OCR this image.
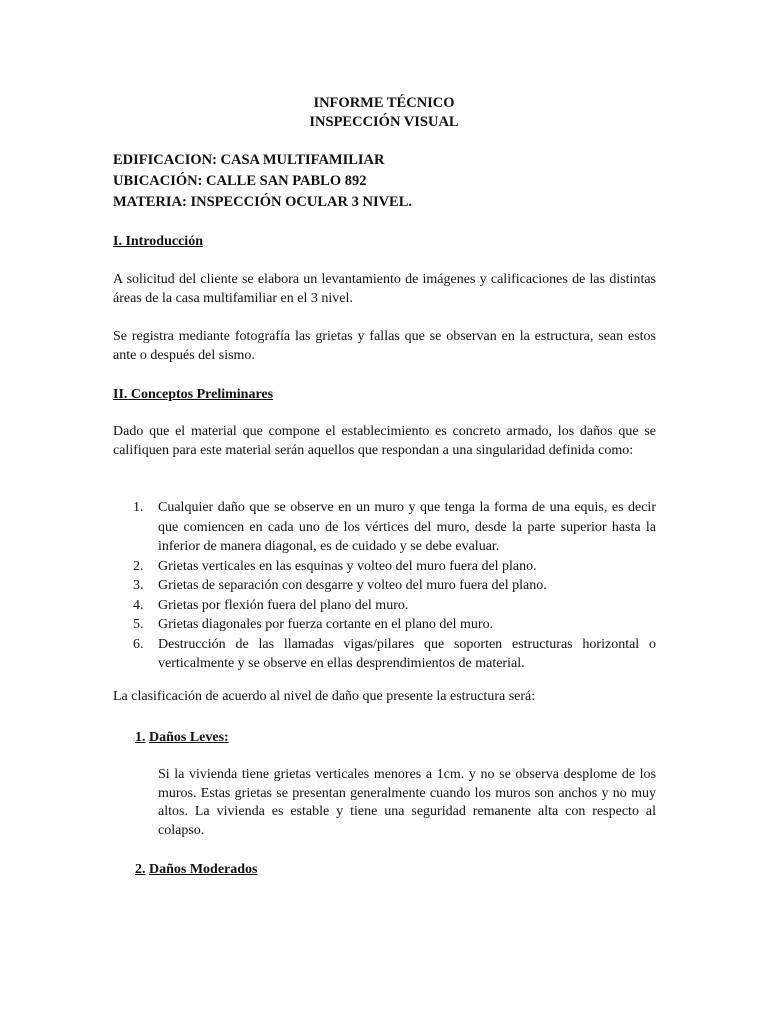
INFORME TÉCNICO
INSPECCIÓN VISUAL
EDIFICACION: CASA MULTIFAMILIAR
UBICACIÓN: CALLE SAN PABLO 892
MATERIA: INSPECCIÓN OCULAR 3 NIVEL.
I. Introducción
A solicitud del cliente se elabora un levantamiento de imágenes y calificaciones de las distintas áreas de la casa multifamiliar en el 3 nivel.
Se registra mediante fotografía las grietas y fallas que se observan en la estructura, sean estos ante o después del sismo.
II. Conceptos Preliminares
Dado que el material que compone el establecimiento es concreto armado, los daños que se califiquen para este material serán aquellos que respondan a una singularidad definida como:
1. Cualquier daño que se observe en un muro y que tenga la forma de una equis, es decir que comiencen en cada uno de los vértices del muro, desde la parte superior hasta la inferior de manera diagonal, es de cuidado y se debe evaluar.
2. Grietas verticales en las esquinas y volteo del muro fuera del plano.
3. Grietas de separación con desgarre y volteo del muro fuera del plano.
4. Grietas por flexión fuera del plano del muro.
5. Grietas diagonales por fuerza cortante en el plano del muro.
6. Destrucción de las llamadas vigas/pilares que soporten estructuras horizontal o verticalmente y se observe en ellas desprendimientos de material.
La clasificación de acuerdo al nivel de daño que presente la estructura será:
1. Daños Leves:
Si la vivienda tiene grietas verticales menores a 1cm. y no se observa desplome de los muros. Estas grietas se presentan generalmente cuando los muros son anchos y no muy altos. La vivienda es estable y tiene una seguridad remanente alta con respecto al colapso.
2. Daños Moderados
